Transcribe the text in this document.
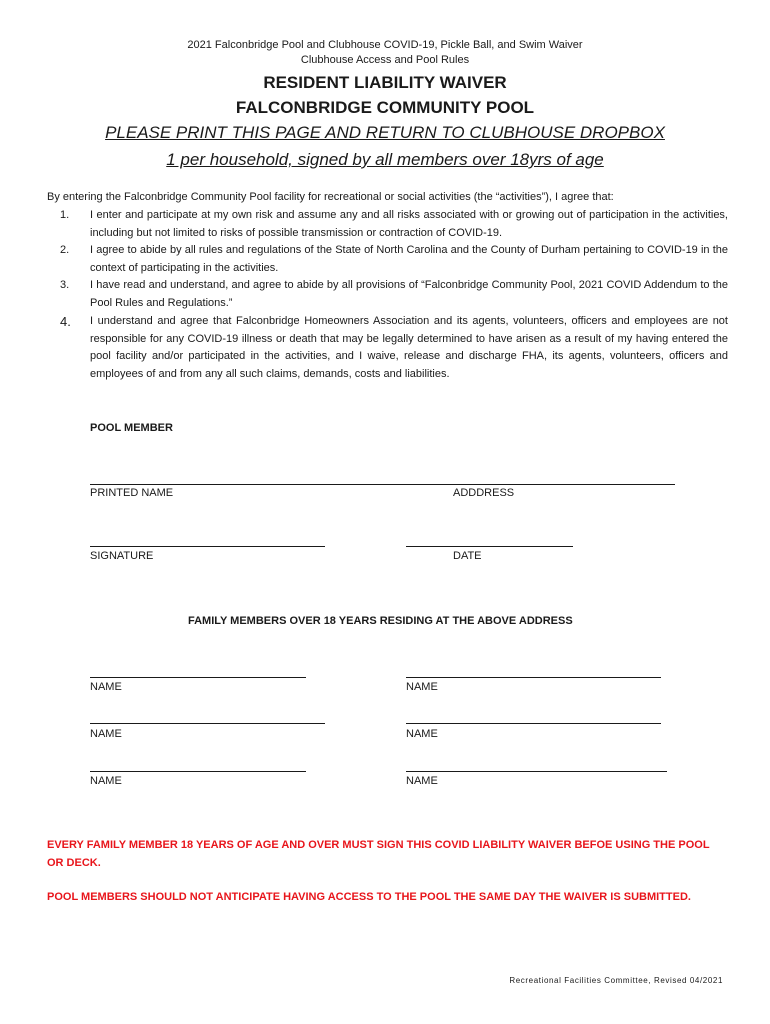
2021 Falconbridge Pool and Clubhouse COVID-19, Pickle Ball, and Swim Waiver
Clubhouse Access and Pool Rules
RESIDENT LIABILITY WAIVER
FALCONBRIDGE COMMUNITY POOL
PLEASE PRINT THIS PAGE AND RETURN TO CLUBHOUSE DROPBOX
1 per household, signed by all members over 18yrs of age
By entering the Falconbridge Community Pool facility for recreational or social activities (the “activities”), I agree that:
1.	I enter and participate at my own risk and assume any and all risks associated with or growing out of participation in the activities, including but not limited to risks of possible transmission or contraction of COVID-19.
2.	I agree to abide by all rules and regulations of the State of North Carolina and the County of Durham pertaining to COVID-19 in the context of participating in the activities.
3.	I have read and understand, and agree to abide by all provisions of “Falconbridge Community Pool, 2021 COVID Addendum to the Pool Rules and Regulations.”
4.	I understand and agree that Falconbridge Homeowners Association and its agents, volunteers, officers and employees are not responsible for any COVID-19 illness or death that may be legally determined to have arisen as a result of my having entered the pool facility and/or participated in the activities, and I waive, release and discharge FHA, its agents, volunteers, officers and employees of and from any all such claims, demands, costs and liabilities.
POOL MEMBER
PRINTED NAME	ADDDRESS
SIGNATURE	DATE
FAMILY MEMBERS OVER 18 YEARS RESIDING AT THE ABOVE ADDRESS
NAME	NAME
NAME	NAME
NAME	NAME
EVERY FAMILY MEMBER 18 YEARS OF AGE AND OVER MUST SIGN THIS COVID LIABILITY WAIVER BEFOE USING THE POOL OR DECK.
POOL MEMBERS SHOULD NOT ANTICIPATE HAVING ACCESS TO THE POOL THE SAME DAY THE WAIVER IS SUBMITTED.
Recreational Facilities Committee, Revised 04/2021
